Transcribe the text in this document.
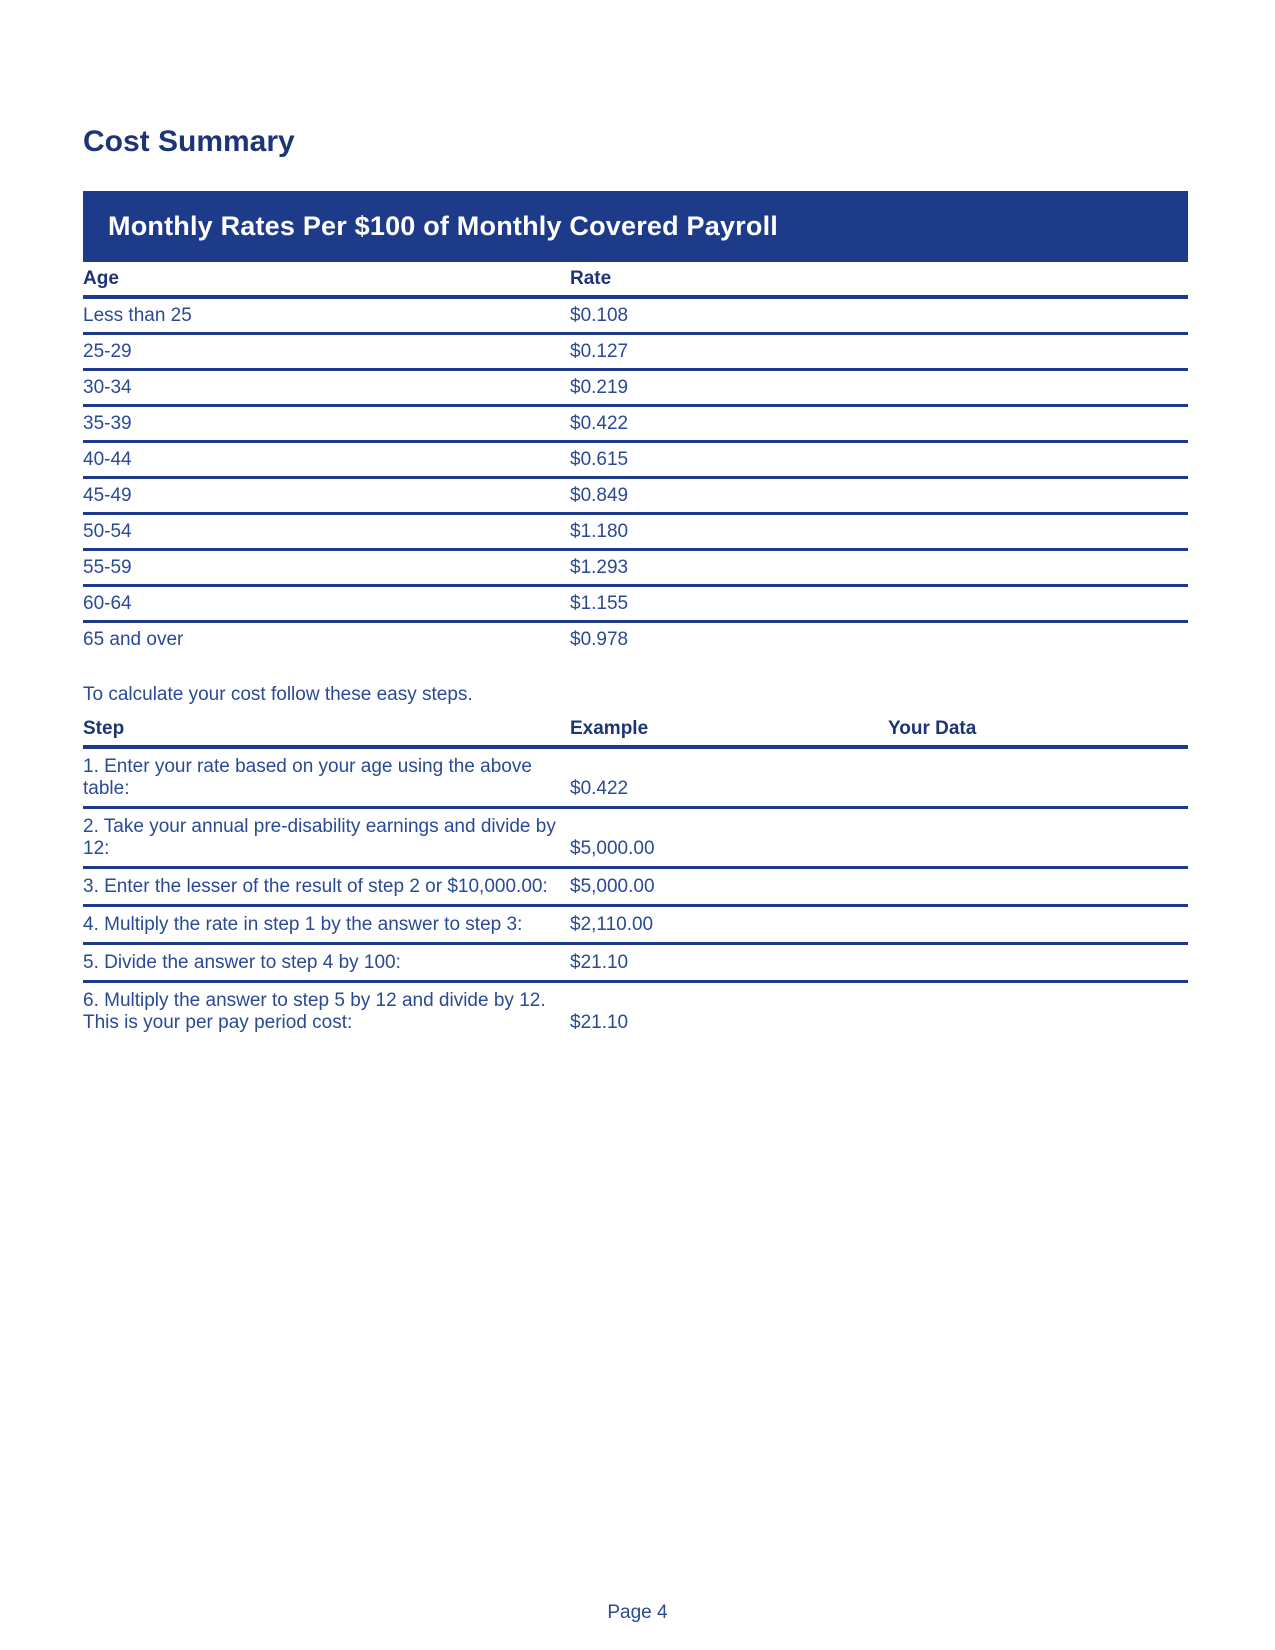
Cost Summary
Monthly Rates Per $100 of Monthly Covered Payroll
Age	Rate
Less than 25	$0.108
25-29	$0.127
30-34	$0.219
35-39	$0.422
40-44	$0.615
45-49	$0.849
50-54	$1.180
55-59	$1.293
60-64	$1.155
65 and over	$0.978

To calculate your cost follow these easy steps.

Step	Example	Your Data
1. Enter your rate based on your age using the above table:	$0.422	
2. Take your annual pre-disability earnings and divide by 12:	$5,000.00	
3. Enter the lesser of the result of step 2 or $10,000.00:	$5,000.00	
4. Multiply the rate in step 1 by the answer to step 3:	$2,110.00	
5. Divide the answer to step 4 by 100:	$21.10	
6. Multiply the answer to step 5 by 12 and divide by 12. This is your per pay period cost:	$21.10	
Page 4
